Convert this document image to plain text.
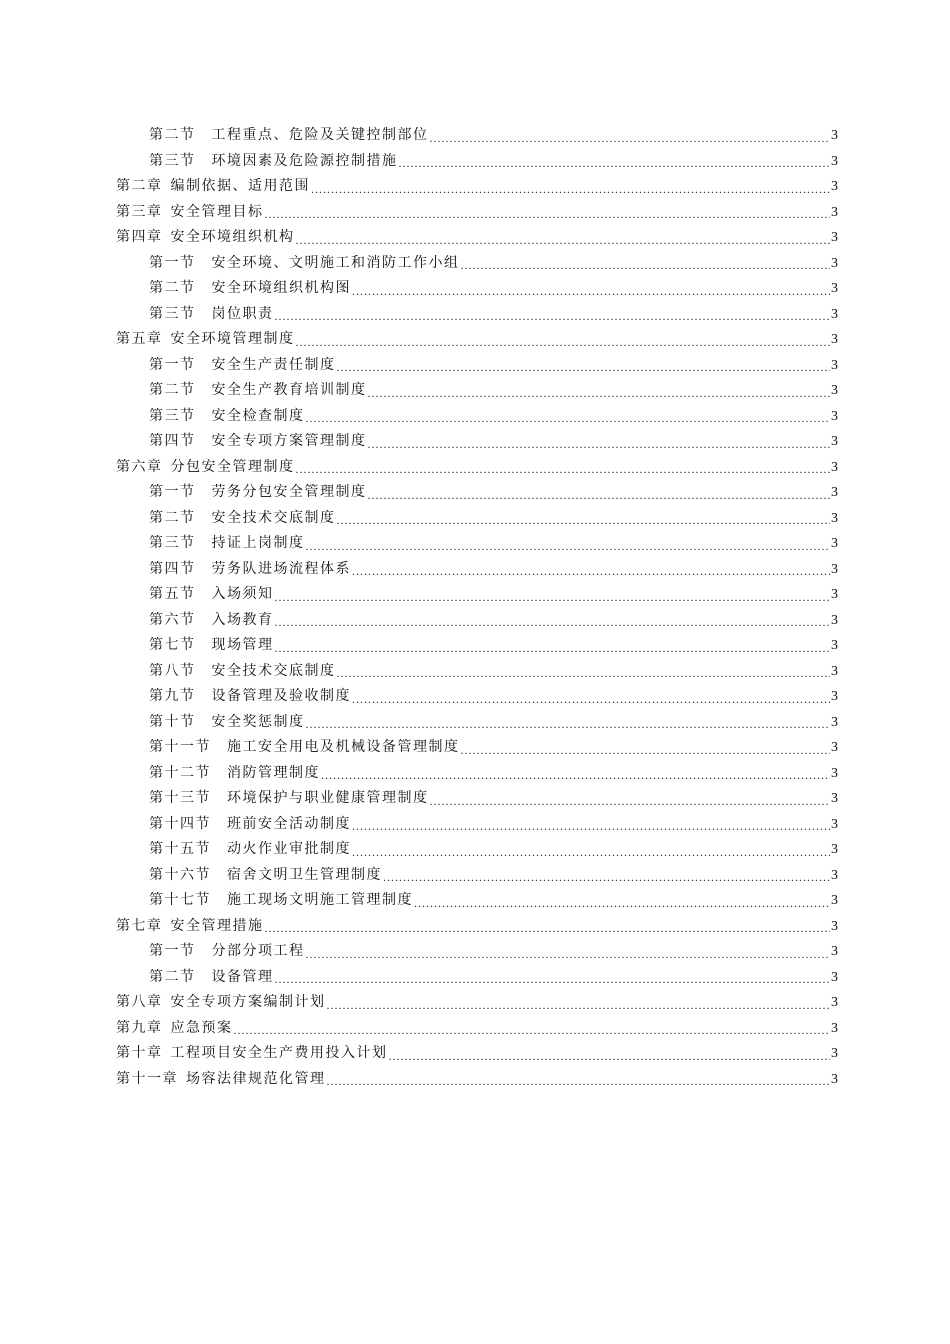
第二节 工程重点、危险及关键控制部位 .....	3
第三节 环境因素及危险源控制措施 .....	3
第二章 编制依据、适用范围 .....	3
第三章 安全管理目标 .....	3
第四章 安全环境组织机构 .....	3
第一节 安全环境、文明施工和消防工作小组 .....	3
第二节 安全环境组织机构图 .....	3
第三节 岗位职责 .....	3
第五章 安全环境管理制度 .....	3
第一节 安全生产责任制度 .....	3
第二节 安全生产教育培训制度 .....	3
第三节 安全检查制度 .....	3
第四节 安全专项方案管理制度 .....	3
第六章 分包安全管理制度 .....	3
第一节 劳务分包安全管理制度 .....	3
第二节 安全技术交底制度 .....	3
第三节 持证上岗制度 .....	3
第四节 劳务队进场流程体系 .....	3
第五节 入场须知 .....	3
第六节 入场教育 .....	3
第七节 现场管理 .....	3
第八节 安全技术交底制度 .....	3
第九节 设备管理及验收制度 .....	3
第十节 安全奖惩制度 .....	3
第十一节 施工安全用电及机械设备管理制度 .....	3
第十二节 消防管理制度 .....	3
第十三节 环境保护与职业健康管理制度 .....	3
第十四节 班前安全活动制度 .....	3
第十五节 动火作业审批制度 .....	3
第十六节 宿舍文明卫生管理制度 .....	3
第十七节 施工现场文明施工管理制度 .....	3
第七章 安全管理措施 .....	3
第一节 分部分项工程 .....	3
第二节 设备管理 .....	3
第八章 安全专项方案编制计划 .....	3
第九章 应急预案 .....	3
第十章 工程项目安全生产费用投入计划 .....	3
第十一章 场容法律规范化管理 .....	3
